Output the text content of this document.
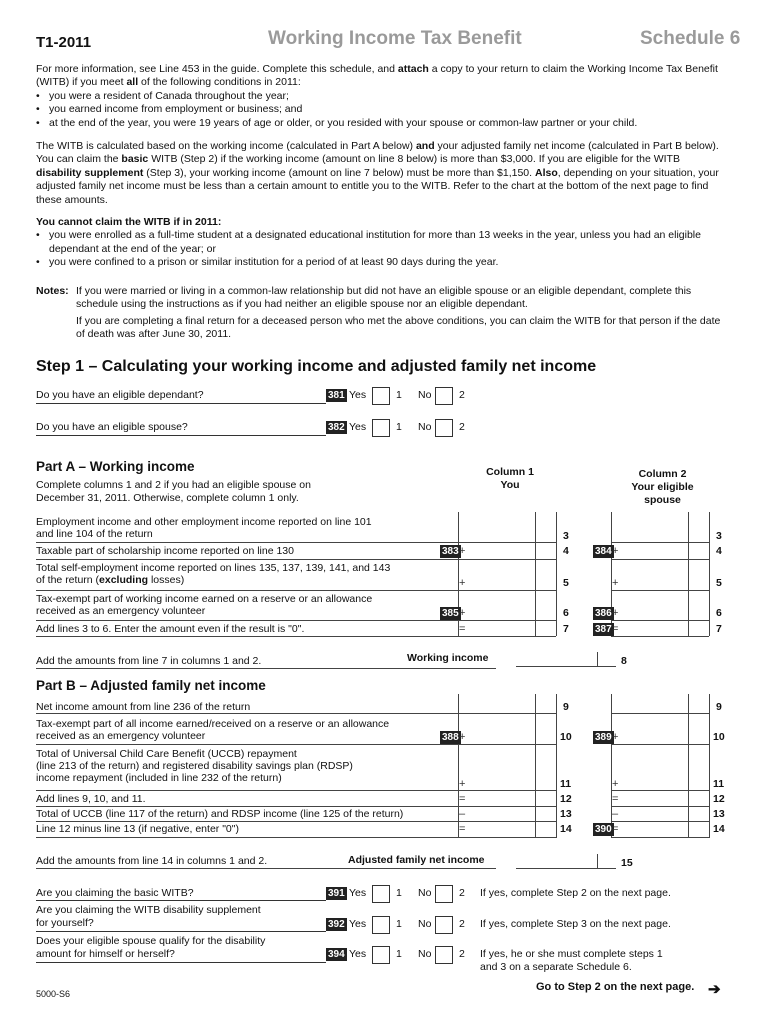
T1-2011	Working Income Tax Benefit	Schedule 6

For more information, see Line 453 in the guide. Complete this schedule, and attach a copy to your return to claim the Working Income Tax Benefit (WITB) if you meet all of the following conditions in 2011:

• you were a resident of Canada throughout the year;

• you earned income from employment or business; and

• at the end of the year, you were 19 years of age or older, or you resided with your spouse or common-law partner or your child.

The WITB is calculated based on the working income (calculated in Part A below) and your adjusted family net income (calculated in Part B below). You can claim the basic WITB (Step 2) if the working income (amount on line 8 below) is more than $3,000. If you are eligible for the WITB disability supplement (Step 3), your working income (amount on line 7 below) must be more than $1,150. Also, depending on your situation, your adjusted family net income must be less than a certain amount to entitle you to the WITB. Refer to the chart at the bottom of the next page to find these amounts.

You cannot claim the WITB if in 2011:

• you were enrolled as a full-time student at a designated educational institution for more than 13 weeks in the year, unless you had an eligible dependant at the end of the year; or

• you were confined to a prison or similar institution for a period of at least 90 days during the year.

Notes: If you were married or living in a common-law relationship but did not have an eligible spouse or an eligible dependant, complete this schedule using the instructions as if you had neither an eligible spouse nor an eligible dependant.

If you are completing a final return for a deceased person who met the above conditions, you can claim the WITB for that person if the date of death was after June 30, 2011.

Step 1 – Calculating your working income and adjusted family net income
Do you have an eligible dependant?	381 Yes	1 No	2
Do you have an eligible spouse?	382 Yes	1 No	2
Part A – Working income
Complete columns 1 and 2 if you had an eligible spouse on December 31, 2011. Otherwise, complete column 1 only.
Column 1
You
Column 2
Your eligible
spouse
Employment income and other employment income reported on line 101
and line 104 of the return	3	3
Taxable part of scholarship income reported on line 130	383 +	4	384 +	4
Total self-employment income reported on lines 135, 137, 139, 141, and 143
of the return (excluding losses)	+	5	+	5
Tax-exempt part of working income earned on a reserve or an allowance
received as an emergency volunteer	385 +	6	386 +	6
Add lines 3 to 6. Enter the amount even if the result is "0".	=	7	387 =	7
Add the amounts from line 7 in columns 1 and 2.	Working income	8
Part B – Adjusted family net income
Net income amount from line 236 of the return	9	9
Tax-exempt part of all income earned/received on a reserve or an allowance
received as an emergency volunteer	388 +	10 389 +	10
Total of Universal Child Care Benefit (UCCB) repayment
(line 213 of the return) and registered disability savings plan (RDSP)
income repayment (included in line 232 of the return)	+	11	+	11
Add lines 9, 10, and 11.	=	12	=	12
Total of UCCB (line 117 of the return) and RDSP income (line 125 of the return)	–	13	–	13
Line 12 minus line 13 (if negative, enter "0")	=	14 390 =	14
Add the amounts from line 14 in columns 1 and 2.	Adjusted family net income	15
Are you claiming the basic WITB?	391 Yes	1 No	2 If yes, complete Step 2 on the next page.
Are you claiming the WITB disability supplement
for yourself?	392 Yes	1 No	2 If yes, complete Step 3 on the next page.
Does your eligible spouse qualify for the disability
amount for himself or herself?	394 Yes	1 No	2 If yes, he or she must complete steps 1
and 3 on a separate Schedule 6.
5000-S6
Go to Step 2 on the next page. ➔
